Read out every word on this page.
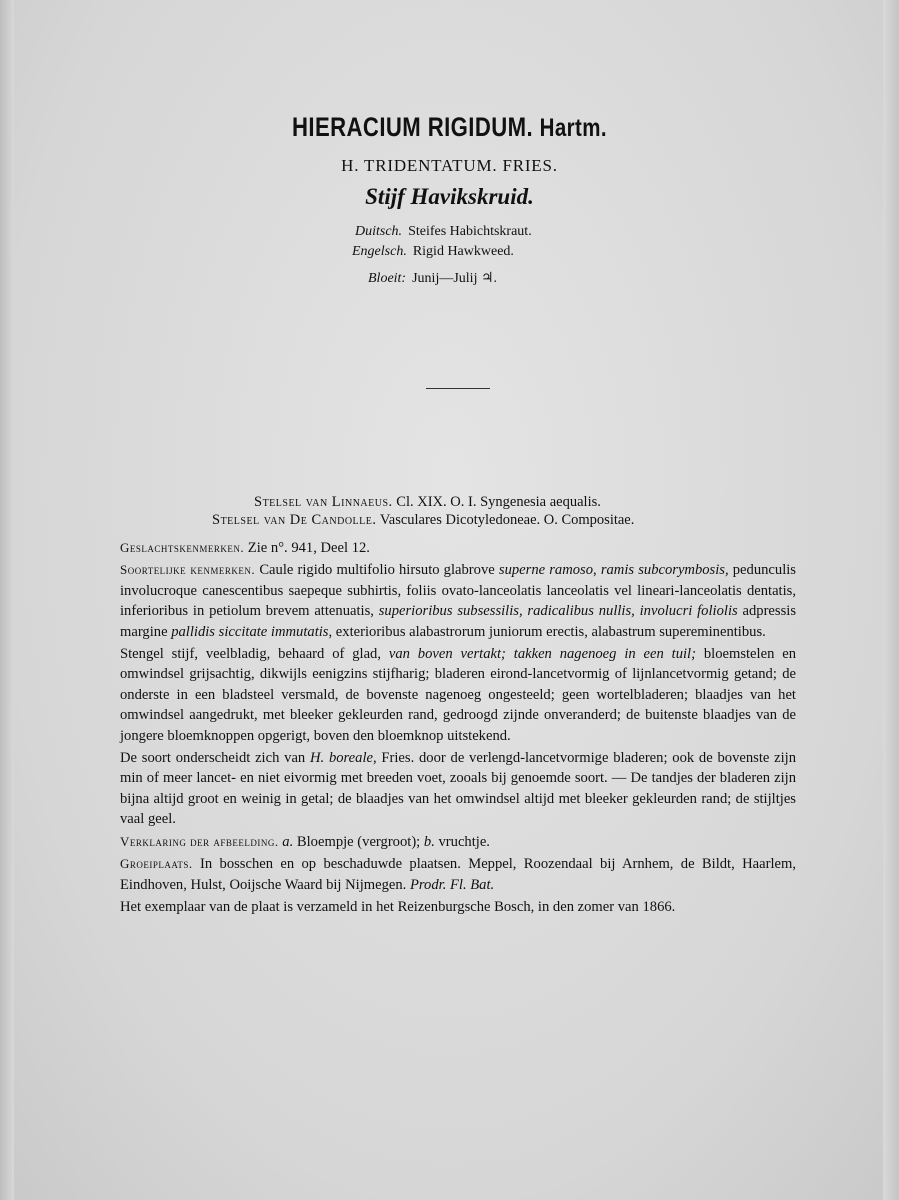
HIERACIUM RIGIDUM. Hartm.
H. TRIDENTATUM. FRIES.
Stijf Havikskruid.
Duitsch. Steifes Habichtskraut.
Engelsch. Rigid Hawkweed.
Bloeit: Junij—Julij ♃.
Stelsel van Linnaeus. Cl. XIX. O. I. Syngenesia aequalis.
Stelsel van De Candolle. Vasculares Dicotyledoneae. O. Compositae.

Geslachtskenmerken. Zie n°. 941, Deel 12.

Soortelijke kenmerken. Caule rigido multifolio hirsuto glabrove superne ramoso, ramis subcorymbosis, pedunculis involucroque canescentibus saepeque subhirtis, foliis ovato-lanceolatis lanceolatis vel lineari-lanceolatis dentatis, inferioribus in petiolum brevem attenuatis, superioribus subsessilis, radicalibus nullis, involucri foliolis adpressis margine pallidis siccitate immutatis, exterioribus alabastrorum juniorum erectis, alabastrum supereminentibus.

Stengel stijf, veelbladig, behaard of glad, van boven vertakt; takken nagenoeg in een tuil; bloemstelen en omwindsel grijsachtig, dikwijls eenigzins stijfharig; bladeren eirond-lancetvormig of lijnlancetvormig getand; de onderste in een bladsteel versmald, de bovenste nagenoeg ongesteeld; geen wortelbladeren; blaadjes van het omwindsel aangedrukt, met bleeker gekleurden rand, gedroogd zijnde onveranderd; de buitenste blaadjes van de jongere bloemknoppen opgerigt, boven den bloemknop uitstekend.

De soort onderscheidt zich van H. boreale, Fries. door de verlengd-lancetvormige bladeren; ook de bovenste zijn min of meer lancet- en niet eivormig met breeden voet, zooals bij genoemde soort. — De tandjes der bladeren zijn bijna altijd groot en weinig in getal; de blaadjes van het omwindsel altijd met bleeker gekleurden rand; de stijltjes vaal geel.

Verklaring der afbeelding. a. Bloempje (vergroot); b. vruchtje.

Groeiplaats. In bosschen en op beschaduwde plaatsen. Meppel, Roozendaal bij Arnhem, de Bildt, Haarlem, Eindhoven, Hulst, Ooijsche Waard bij Nijmegen. Prodr. Fl. Bat.

Het exemplaar van de plaat is verzameld in het Reizenburgsche Bosch, in den zomer van 1866.
